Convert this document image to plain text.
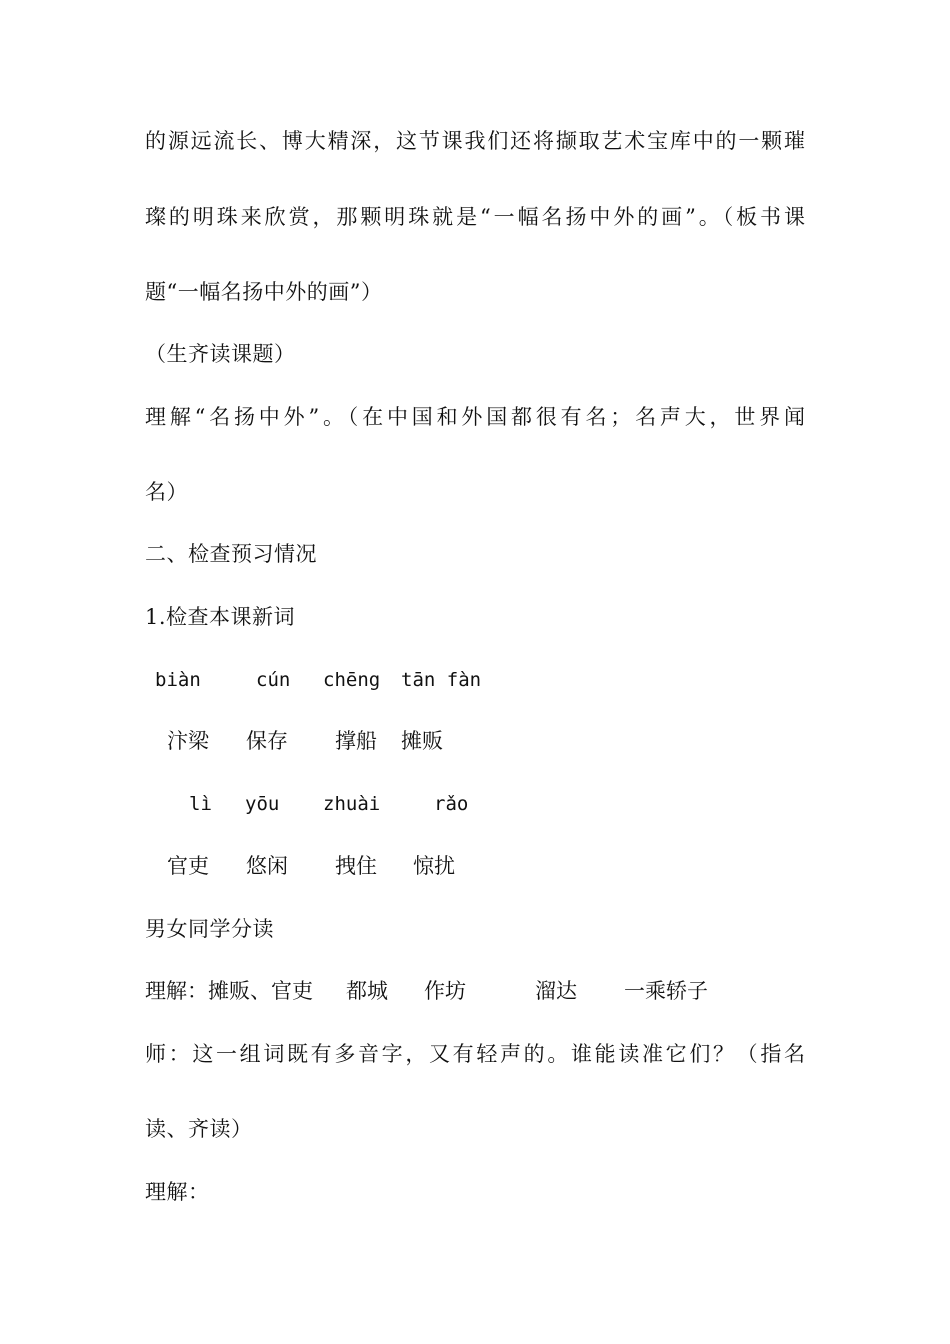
的源远流长、博大精深，这节课我们还将撷取艺术宝库中的一颗璀
璨的明珠来欣赏，那颗明珠就是“一幅名扬中外的画”。（板书课
题“一幅名扬中外的画”）
（生齐读课题）
理解“名扬中外”。（在中国和外国都很有名；名声大，世界闻
名）
二、检查预习情况
1.检查本课新词
biàn	cún chēng tān fàn
汴梁 保存 撑船 摊贩
lì yōu zhuài	rǎo
官吏 悠闲 拽住 惊扰
男女同学分读
理解：摊贩、官吏 都城 作坊	溜达 一乘轿子
师：这一组词既有多音字，又有轻声的。谁能读准它们？（指名
读、齐读）
理解：
